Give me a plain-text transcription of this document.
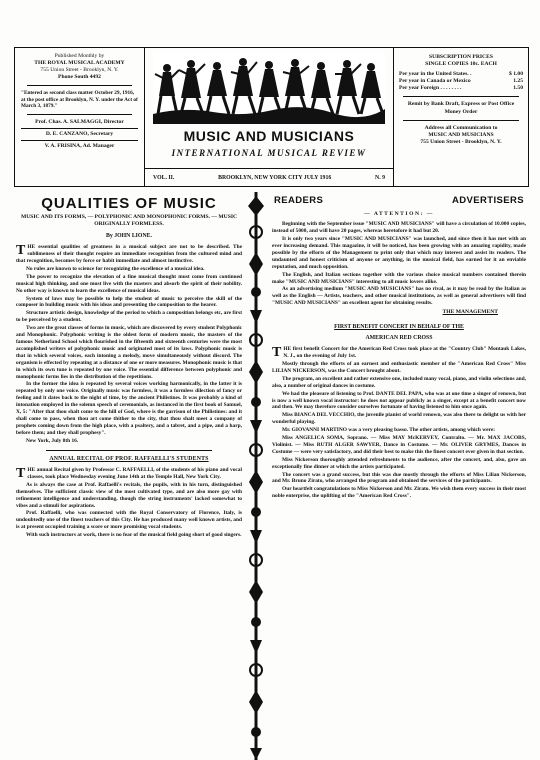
Published Monthly by
THE ROYAL MUSICAL ACADEMY
755 Union Street - Brooklyn, N. Y.
Phone South 4492
"Entered as second class matter October 29, 1916, at the post office at Brooklyn, N. Y. under the Act of March 3, 1879."
Prof. Chas. A. SALMAGGI, Director
D. E. CANZANO, Secretary
V. A. FRISINA, Ad. Manager
MUSIC AND MUSICIANS
INTERNATIONAL MUSICAL REVIEW
VOL. II.	BROOKLYN, NEW YORK CITY JULY 1916	N. 9
SUBSCRIPTION PRICES
SINGLE COPIES 10c. EACH
Per year in the United States. .	$ 1.00
Per year in Canada or Mexico	1.25
Per year Foreign . . . . . . . .	1.50
Remit by Bank Draft, Express or Post Office Money Order
Address all Communication to
MUSIC AND MUSICIANS
755 Union Street - Brooklyn, N. Y.
QUALITIES OF MUSIC
MUSIC AND ITS FORMS, — POLYPHONIC AND MONOPHONIC FORMS. — MUSIC ORIGINALLY FORMLESS.
By JOHN LIONE.

THE essential qualities of greatness in a musical subject are not to be described. The sublimeness of their thought require an immediate recognition from the cultured mind and that recognition, becomes by force or habit immediate and almost instinctive.

No rules are known to science for recognizing the excellence of a musical idea.

The power to recognize the elevation of a fine musical thought must come from continued musical high thinking, and one must live with the masters and absorb the spirit of their nobility. No other way is known to learn the excellence of musical ideas.

System of laws may be possible to help the student of music to perceive the skill of the composer in building music with his ideas and presenting the composition to the hearer.

Structure artistic design, knowledge of the period to which a composition belongs etc, are first to be perceived by a student.

Two are the great classes of forms in music, which are discovered by every student Polyphonic and Monophonic. Polyphonic writing is the oldest form of modern music, the masters of the famous Netherland School which flourished in the fifteenth and sixteenth centuries were the most accomplished writers of polyphonic music and originated most of its laws. Polyphonic music is that in which several voices, each intoning a melody, move simultaneously without discord. The organism is effected by repeating at a distance of one or more measures. Monophonic music is that in which its own tune is repeated by one voice. The essential difference between polyphonic and monophonic forms lies in the distribution of the repetitions.

In the former the idea is repeated by several voices working harmonically, in the latter it is repeated by only one voice. Originally music was formless, it was a formless dilection of fancy or feeling and it dates back to the night of time, by the ancient Philistines. It was probably a kind of intonation employed in the solemn speech of ceremonials, as instanced in the first book of Samuel, X, 5: "After that thou shalt come to the hill of God, where is the garrison of the Philistines: and it shall come to pass, when thou art come thither to the city, that thou shalt meet a company of prophets coming down from the high place, with a psaltery, and a tabret, and a pipe, and a harp, before them; and they shall prophesy".

New York, July 8th 16.

ANNUAL RECITAL OF PROF. RAFFAELLI'S STUDENTS

THE annual Recital given by Professor C. RAFFAELLI, of the students of his piano and vocal classes, took place Wednesday evening June 14th at the Temple Hall, New York City.

As is always the case at Prof. Raffaelli's recitals, the pupils, with in his turn, distinguished themselves. The sufficient classic view of the most cultivated type, and are also more gay with refinement intelligence and understanding, though the string instruments' lacked somewhat to vibes and a stimuli for aspirations.

Prof. Raffaelli, who was connected with the Royal Conservatory of Florence, Italy, is undoubtedly one of the finest teachers of this City. He has produced many well known artists, and is at present occupied training a score or more promising vocal students.

With such instructors at work, there is no fear of the musical field going short of good singers.

READERS	ADVERTISERS
— ATTENTION: —

Beginning with the September issue "MUSIC AND MUSICIANS" will have a circulation of 10.000 copies, instead of 5000, and will have 20 pages, whereas heretofore it had but 20.

It is only two years since "MUSIC AND MUSICIANS" was launched, and since then it has met with an ever increasing demand. This magazine, it will be noticed, has been growing with an amazing rapidity, made possible by the efforts of the Management to print only that which may interest and assist its readers. The undaunted and honest criticism of anyone or anything, in the musical field, has earned for it an enviable reputation, and much opposition.

The English, and Italian sections together with the various choice musical numbers contained therein make "MUSIC AND MUSICIANS" interesting to all music lovers alike.

As an advertising medium "MUSIC AND MUSICIANS" has no rival, as it may be read by the Italian as well as the English — Artists, teachers, and other musical institutions, as well as general advertisers will find "MUSIC AND MUSICIANS" an excellent agent for obtaining results.

THE MANAGEMENT
FIRST BENEFIT CONCERT IN BEHALF OF THE
AMERICAN RED CROSS

THE first benefit Concert for the American Red Cross took place at the "Country Club" Montauk Lakes, N. J., on the evening of July 1st.

Mostly through the efforts of an earnest and enthusiastic member of the "American Red Cross" Miss LILIAN NICKERSON, was the Concert brought about.

The program, an excellent and rather extensive one, included many vocal, piano, and violin selections and, also, a number of original dances in costume.

We had the pleasure of listening to Prof. DANTE DEL PAPA, who was at one time a singer of renown, but is now a well known vocal instructor: he does not appear publicly as a singer, except at a benefit concert now and then. We may therefore consider ourselves fortunate of having listened to him once again.

Miss BIANCA DEL VECCHIO, the juvenile pianist of world renown, was also there to delight us with her wonderful playing.

Mr. GIOVANNI MARTINO was a very pleasing basso. The other artists, among which were:

Miss ANGELICA SOMA, Soprano. — Miss MAY McKERVEY, Contralto. — Mr. MAX JACOBS, Violinist. — Miss RUTH ALGER SAWYER, Dance in Costume. — Mr. OLIVER GRYMES, Dances in Costume — were very satisfactory, and did their best to make this the finest concert ever given in that section.

Miss Nickerson thoroughly attended refreshments to the audience, after the concert, and, also, gave an exceptionally fine dinner at which the artists participated.

The concert was a grand success, but this was due mostly through the efforts of Miss Lilian Nickerson, and Mr. Bruno Zirato, who arranged the program and obtained the services of the participants.

Our heartfelt congratulations to Miss Nickerson and Mr. Zirato. We wish them every success in their most noble enterprise, the uplifting of the "American Red Cross".
